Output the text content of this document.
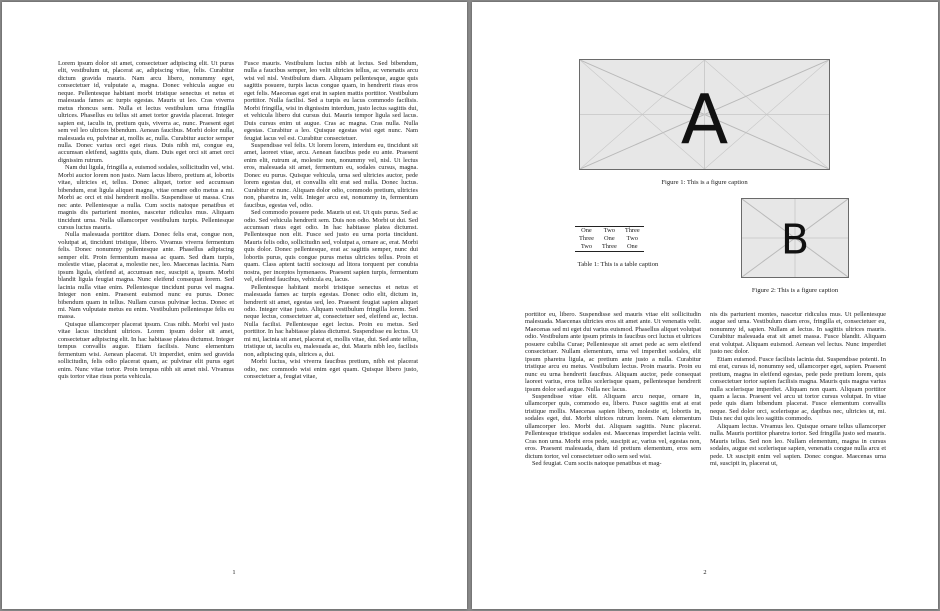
Lorem ipsum dolor sit amet, consectetuer adipiscing elit. Ut purus elit, vestibulum ut, placerat ac, adipiscing vitae, felis. Curabitur dictum gravida mauris. Nam arcu libero, nonummy eget, consectetuer id, vulputate a, magna. Donec vehicula augue eu neque. Pellentesque habitant morbi tristique senectus et netus et malesuada fames ac turpis egestas. Mauris ut leo. Cras viverra metus rhoncus sem. Nulla et lectus vestibulum urna fringilla ultrices. Phasellus eu tellus sit amet tortor gravida placerat. Integer sapien est, iaculis in, pretium quis, viverra ac, nunc. Praesent eget sem vel leo ultrices bibendum. Aenean faucibus. Morbi dolor nulla, malesuada eu, pulvinar at, mollis ac, nulla. Curabitur auctor semper nulla. Donec varius orci eget risus. Duis nibh mi, congue eu, accumsan eleifend, sagittis quis, diam. Duis eget orci sit amet orci dignissim rutrum.

Nam dui ligula, fringilla a, euismod sodales, sollicitudin vel, wisi. Morbi auctor lorem non justo. Nam lacus libero, pretium at, lobortis vitae, ultricies et, tellus. Donec aliquet, tortor sed accumsan bibendum, erat ligula aliquet magna, vitae ornare odio metus a mi. Morbi ac orci et nisl hendrerit mollis. Suspendisse ut massa. Cras nec ante. Pellentesque a nulla. Cum sociis natoque penatibus et magnis dis parturient montes, nascetur ridiculus mus. Aliquam tincidunt urna. Nulla ullamcorper vestibulum turpis. Pellentesque cursus luctus mauris.

Nulla malesuada porttitor diam. Donec felis erat, congue non, volutpat at, tincidunt tristique, libero. Vivamus viverra fermentum felis. Donec nonummy pellentesque ante. Phasellus adipiscing semper elit. Proin fermentum massa ac quam. Sed diam turpis, molestie vitae, placerat a, molestie nec, leo. Maecenas lacinia. Nam ipsum ligula, eleifend at, accumsan nec, suscipit a, ipsum. Morbi blandit ligula feugiat magna. Nunc eleifend consequat lorem. Sed lacinia nulla vitae enim. Pellentesque tincidunt purus vel magna. Integer non enim. Praesent euismod nunc eu purus. Donec bibendum quam in tellus. Nullam cursus pulvinar lectus. Donec et mi. Nam vulputate metus eu enim. Vestibulum pellentesque felis eu massa.

Quisque ullamcorper placerat ipsum. Cras nibh. Morbi vel justo vitae lacus tincidunt ultrices. Lorem ipsum dolor sit amet, consectetuer adipiscing elit. In hac habitasse platea dictumst. Integer tempus convallis augue. Etiam facilisis. Nunc elementum fermentum wisi. Aenean placerat. Ut imperdiet, enim sed gravida sollicitudin, felis odio placerat quam, ac pulvinar elit purus eget enim. Nunc vitae tortor. Proin tempus nibh sit amet nisl. Vivamus quis tortor vitae risus porta vehicula.

Fusce mauris. Vestibulum luctus nibh at lectus. Sed bibendum, nulla a faucibus semper, leo velit ultricies tellus, ac venenatis arcu wisi vel nisl. Vestibulum diam. Aliquam pellentesque, augue quis sagittis posuere, turpis lacus congue quam, in hendrerit risus eros eget felis. Maecenas eget erat in sapien mattis porttitor. Vestibulum porttitor. Nulla facilisi. Sed a turpis eu lacus commodo facilisis. Morbi fringilla, wisi in dignissim interdum, justo lectus sagittis dui, et vehicula libero dui cursus dui. Mauris tempor ligula sed lacus. Duis cursus enim ut augue. Cras ac magna. Cras nulla. Nulla egestas. Curabitur a leo. Quisque egestas wisi eget nunc. Nam feugiat lacus vel est. Curabitur consectetuer.

Suspendisse vel felis. Ut lorem lorem, interdum eu, tincidunt sit amet, laoreet vitae, arcu. Aenean faucibus pede eu ante. Praesent enim elit, rutrum at, molestie non, nonummy vel, nisl. Ut lectus eros, malesuada sit amet, fermentum eu, sodales cursus, magna. Donec eu purus. Quisque vehicula, urna sed ultricies auctor, pede lorem egestas dui, et convallis elit erat sed nulla. Donec luctus. Curabitur et nunc. Aliquam dolor odio, commodo pretium, ultricies non, pharetra in, velit. Integer arcu est, nonummy in, fermentum faucibus, egestas vel, odio.

Sed commodo posuere pede. Mauris ut est. Ut quis purus. Sed ac odio. Sed vehicula hendrerit sem. Duis non odio. Morbi ut dui. Sed accumsan risus eget odio. In hac habitasse platea dictumst. Pellentesque non elit. Fusce sed justo eu urna porta tincidunt. Mauris felis odio, sollicitudin sed, volutpat a, ornare ac, erat. Morbi quis dolor. Donec pellentesque, erat ac sagittis semper, nunc dui lobortis purus, quis congue purus metus ultricies tellus. Proin et quam. Class aptent taciti sociosqu ad litora torquent per conubia nostra, per inceptos hymenaeos. Praesent sapien turpis, fermentum vel, eleifend faucibus, vehicula eu, lacus.

Pellentesque habitant morbi tristique senectus et netus et malesuada fames ac turpis egestas. Donec odio elit, dictum in, hendrerit sit amet, egestas sed, leo. Praesent feugiat sapien aliquet odio. Integer vitae justo. Aliquam vestibulum fringilla lorem. Sed neque lectus, consectetuer at, consectetuer sed, eleifend ac, lectus. Nulla facilisi. Pellentesque eget lectus. Proin eu metus. Sed porttitor. In hac habitasse platea dictumst. Suspendisse eu lectus. Ut mi mi, lacinia sit amet, placerat et, mollis vitae, dui. Sed ante tellus, tristique ut, iaculis eu, malesuada ac, dui. Mauris nibh leo, facilisis non, adipiscing quis, ultrices a, dui.

Morbi luctus, wisi viverra faucibus pretium, nibh est placerat odio, nec commodo wisi enim eget quam. Quisque libero justo, consectetuer a, feugiat vitae,

1
A
Figure 1: This is a figure caption
One	Two	Three
Three	One	Two
Two	Three	One
Table 1: This is a table caption
B
Figure 2: This is a figure caption

porttitor eu, libero. Suspendisse sed mauris vitae elit sollicitudin malesuada. Maecenas ultricies eros sit amet ante. Ut venenatis velit. Maecenas sed mi eget dui varius euismod. Phasellus aliquet volutpat odio. Vestibulum ante ipsum primis in faucibus orci luctus et ultrices posuere cubilia Curae; Pellentesque sit amet pede ac sem eleifend consectetuer. Nullam elementum, urna vel imperdiet sodales, elit ipsum pharetra ligula, ac pretium ante justo a nulla. Curabitur tristique arcu eu metus. Vestibulum lectus. Proin mauris. Proin eu nunc eu urna hendrerit faucibus. Aliquam auctor, pede consequat laoreet varius, eros tellus scelerisque quam, pellentesque hendrerit ipsum dolor sed augue. Nulla nec lacus.

Suspendisse vitae elit. Aliquam arcu neque, ornare in, ullamcorper quis, commodo eu, libero. Fusce sagittis erat at erat tristique mollis. Maecenas sapien libero, molestie et, lobortis in, sodales eget, dui. Morbi ultrices rutrum lorem. Nam elementum ullamcorper leo. Morbi dui. Aliquam sagittis. Nunc placerat. Pellentesque tristique sodales est. Maecenas imperdiet lacinia velit. Cras non urna. Morbi eros pede, suscipit ac, varius vel, egestas non, eros. Praesent malesuada, diam id pretium elementum, eros sem dictum tortor, vel consectetuer odio sem sed wisi.

Sed feugiat. Cum sociis natoque penatibus et mag-

nis dis parturient montes, nascetur ridiculus mus. Ut pellentesque augue sed urna. Vestibulum diam eros, fringilla et, consectetuer eu, nonummy id, sapien. Nullam at lectus. In sagittis ultrices mauris. Curabitur malesuada erat sit amet massa. Fusce blandit. Aliquam erat volutpat. Aliquam euismod. Aenean vel lectus. Nunc imperdiet justo nec dolor.

Etiam euismod. Fusce facilisis lacinia dui. Suspendisse potenti. In mi erat, cursus id, nonummy sed, ullamcorper eget, sapien. Praesent pretium, magna in eleifend egestas, pede pede pretium lorem, quis consectetuer tortor sapien facilisis magna. Mauris quis magna varius nulla scelerisque imperdiet. Aliquam non quam. Aliquam porttitor quam a lacus. Praesent vel arcu ut tortor cursus volutpat. In vitae pede quis diam bibendum placerat. Fusce elementum convallis neque. Sed dolor orci, scelerisque ac, dapibus nec, ultricies ut, mi. Duis nec dui quis leo sagittis commodo.

Aliquam lectus. Vivamus leo. Quisque ornare tellus ullamcorper nulla. Mauris porttitor pharetra tortor. Sed fringilla justo sed mauris. Mauris tellus. Sed non leo. Nullam elementum, magna in cursus sodales, augue est scelerisque sapien, venenatis congue nulla arcu et pede. Ut suscipit enim vel sapien. Donec congue. Maecenas urna mi, suscipit in, placerat ut,

2
